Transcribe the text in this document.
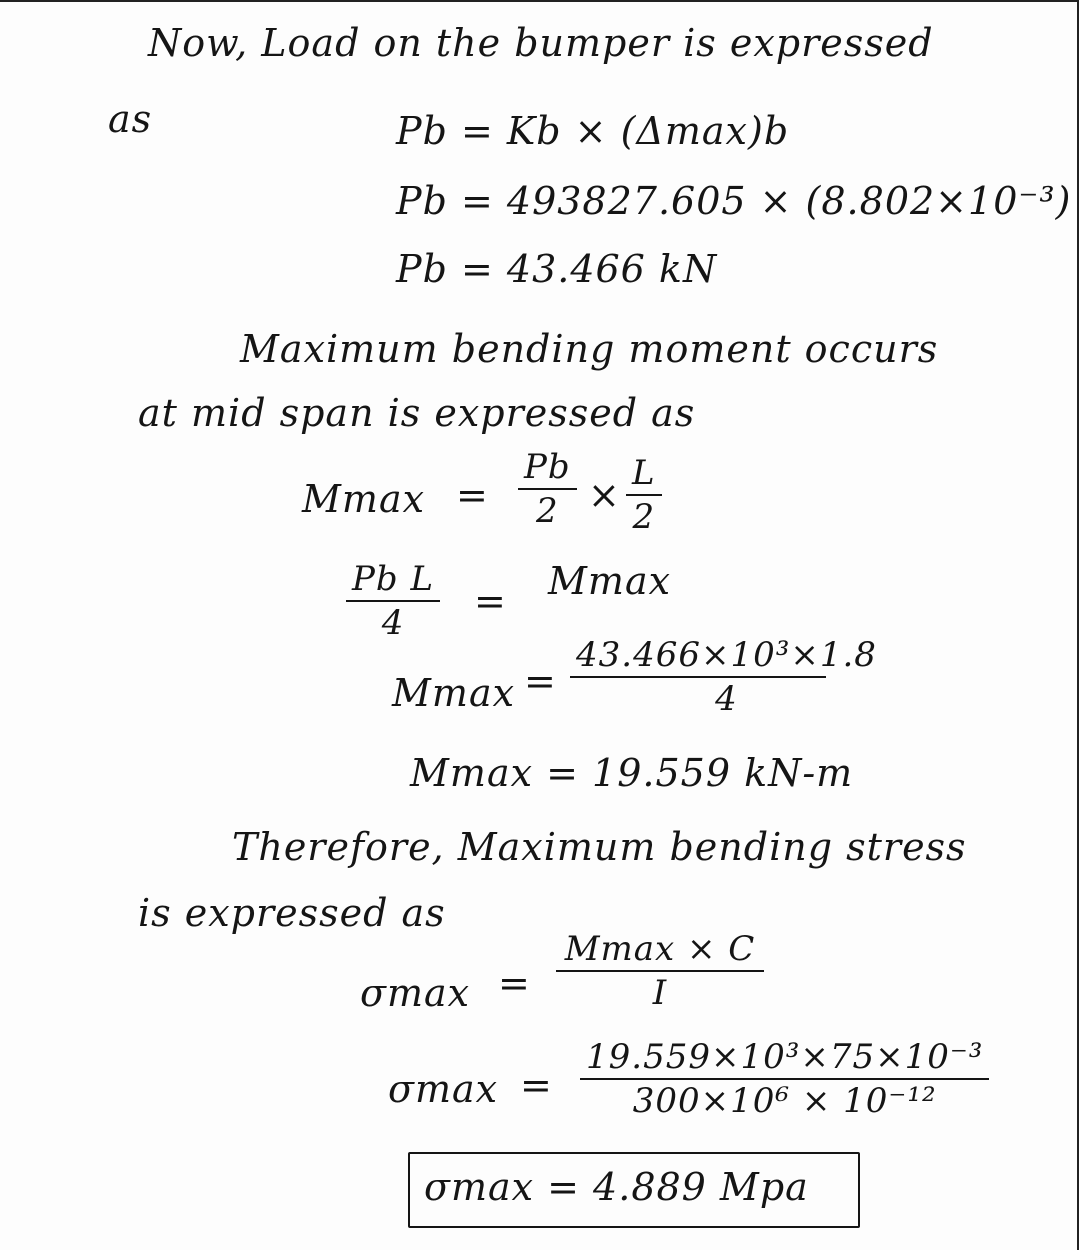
Now, Load on the bumper is expressed
as	Pb = Kb × (Δmax)b
Pb = 493827.605 × (8.802×10⁻³)
Pb = 43.466 kN
Maximum bending moment occurs
at mid span is expressed as
Mmax =
Pb
2 × L
2
Pb L
4 = Mmax
Mmax =
43.466×10³×1.8
4
Mmax = 19.559 kN-m
Therefore, Maximum bending stress
is expressed as
σmax =
Mmax × C
I
σmax =
19.559×10³×75×10⁻³
300×10⁶ × 10⁻¹²
σmax = 4.889 Mpa
